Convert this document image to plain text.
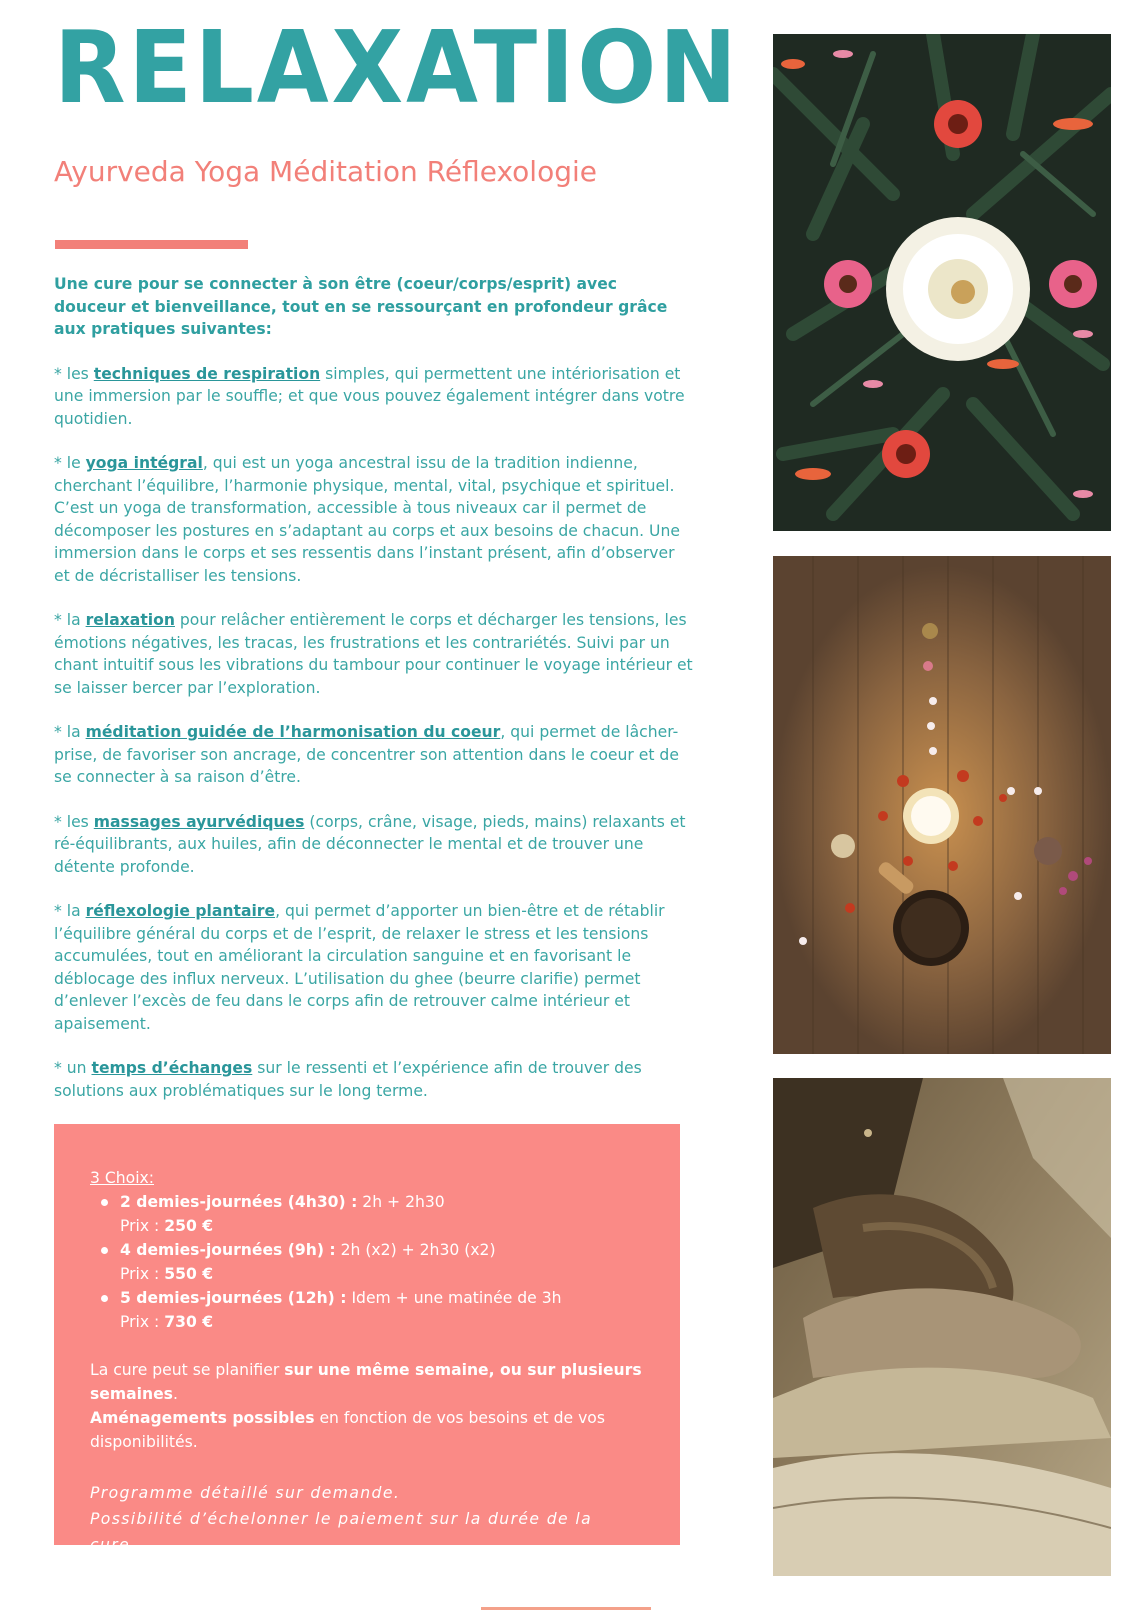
RELAXATION
Ayurveda Yoga Méditation Réflexologie

Une cure pour se connecter à son être (coeur/corps/esprit) avec douceur et bienveillance, tout en se ressourçant en profondeur grâce aux pratiques suivantes:

* les techniques de respiration simples, qui permettent une intériorisation et une immersion par le souffle; et que vous pouvez également intégrer dans votre quotidien.

* le yoga intégral, qui est un yoga ancestral issu de la tradition indienne, cherchant l’équilibre, l’harmonie physique, mental, vital, psychique et spirituel. C’est un yoga de transformation, accessible à tous niveaux car il permet de décomposer les postures en s’adaptant au corps et aux besoins de chacun. Une immersion dans le corps et ses ressentis dans l’instant présent, afin d’observer et de décristalliser les tensions.

* la relaxation pour relâcher entièrement le corps et décharger les tensions, les émotions négatives, les tracas, les frustrations et les contrariétés. Suivi par un chant intuitif sous les vibrations du tambour pour continuer le voyage intérieur et se laisser bercer par l’exploration.

* la méditation guidée de l’harmonisation du coeur, qui permet de lâcher-prise, de favoriser son ancrage, de concentrer son attention dans le coeur et de se connecter à sa raison d’être.

* les massages ayurvédiques (corps, crâne, visage, pieds, mains) relaxants et ré-équilibrants, aux huiles, afin de déconnecter le mental et de trouver une détente profonde.

* la réflexologie plantaire, qui permet d’apporter un bien-être et de rétablir l’équilibre général du corps et de l’esprit, de relaxer le stress et les tensions accumulées, tout en améliorant la circulation sanguine et en favorisant le déblocage des influx nerveux. L’utilisation du ghee (beurre clarifie) permet d’enlever l’excès de feu dans le corps afin de retrouver calme intérieur et apaisement.

* un temps d’échanges sur le ressenti et l’expérience afin de trouver des solutions aux problématiques sur le long terme.

3 Choix:
2 demies-journées (4h30) : 2h + 2h30
Prix : 250 €
4 demies-journées (9h) : 2h (x2) + 2h30 (x2)
Prix : 550 €
5 demies-journées (12h) : Idem + une matinée de 3h
Prix : 730 €
La cure peut se planifier sur une même semaine, ou sur plusieurs semaines.
Aménagements possibles en fonction de vos besoins et de vos disponibilités.
Programme détaillé sur demande.
Possibilité d’échelonner le paiement sur la durée de la cure.
